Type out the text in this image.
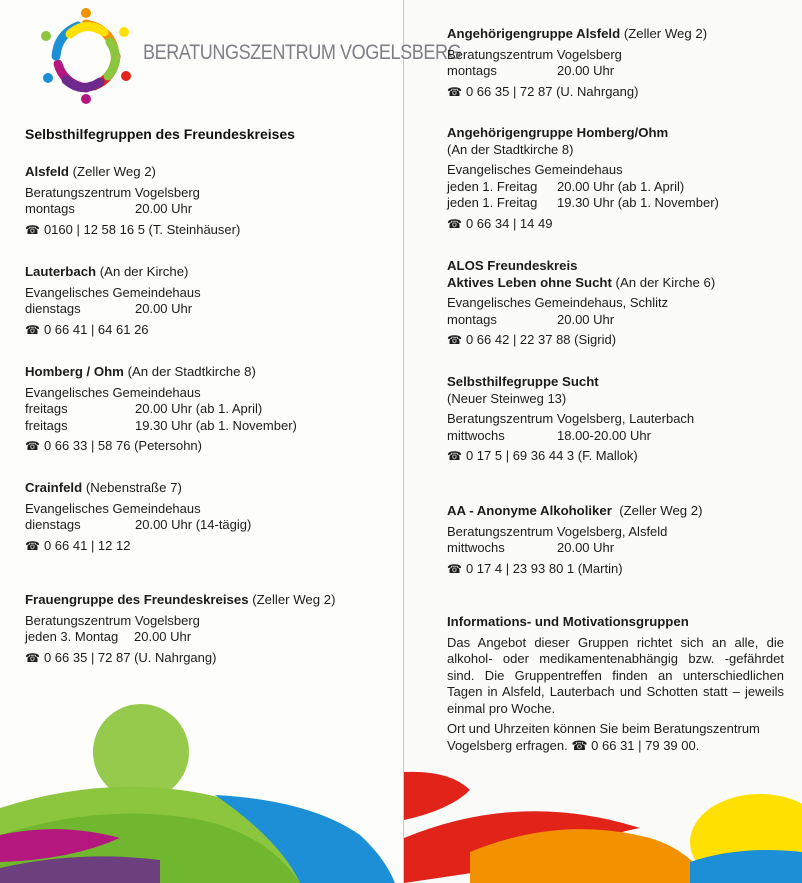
BERATUNGSZENTRUM VOGELSBERG
Selbsthilfegruppen des Freundeskreises
Alsfeld (Zeller Weg 2)
Beratungszentrum Vogelsberg
montags	20.00 Uhr
☎ 0160 | 12 58 16 5 (T. Steinhäuser)
Lauterbach (An der Kirche)
Evangelisches Gemeindehaus
dienstags	20.00 Uhr
☎ 0 66 41 | 64 61 26
Homberg / Ohm (An der Stadtkirche 8)
Evangelisches Gemeindehaus
freitags	20.00 Uhr (ab 1. April)
freitags	19.30 Uhr (ab 1. November)
☎ 0 66 33 | 58 76 (Petersohn)
Crainfeld (Nebenstraße 7)
Evangelisches Gemeindehaus
dienstags	20.00 Uhr (14-tägig)
☎ 0 66 41 | 12 12
Frauengruppe des Freundeskreises (Zeller Weg 2)
Beratungszentrum Vogelsberg
jeden 3. Montag 20.00 Uhr
☎ 0 66 35 | 72 87 (U. Nahrgang)
Angehörigengruppe Alsfeld (Zeller Weg 2)
Beratungszentrum Vogelsberg
montags	20.00 Uhr
☎ 0 66 35 | 72 87 (U. Nahrgang)
Angehörigengruppe Homberg/Ohm
(An der Stadtkirche 8)
Evangelisches Gemeindehaus
jeden 1. Freitag 20.00 Uhr (ab 1. April)
jeden 1. Freitag 19.30 Uhr (ab 1. November)
☎ 0 66 34 | 14 49
ALOS Freundeskreis
Aktives Leben ohne Sucht (An der Kirche 6)
Evangelisches Gemeindehaus, Schlitz
montags	20.00 Uhr
☎ 0 66 42 | 22 37 88 (Sigrid)
Selbsthilfegruppe Sucht
(Neuer Steinweg 13)
Beratungszentrum Vogelsberg, Lauterbach
mittwochs	18.00-20.00 Uhr
☎ 0 17 5 | 69 36 44 3 (F. Mallok)
AA - Anonyme Alkoholiker  (Zeller Weg 2)
Beratungszentrum Vogelsberg, Alsfeld
mittwochs	20.00 Uhr
☎ 0 17 4 | 23 93 80 1 (Martin)
Informations- und Motivationsgruppen

Das Angebot dieser Gruppen richtet sich an alle, die alkohol- oder medikamentenabhängig bzw. -gefährdet sind. Die Gruppentreffen finden an unterschiedlichen Tagen in Alsfeld, Lauterbach und Schotten statt – jeweils einmal pro Woche.

Ort und Uhrzeiten können Sie beim Beratungszentrum Vogelsberg erfragen. ☎ 0 66 31 | 79 39 00.
